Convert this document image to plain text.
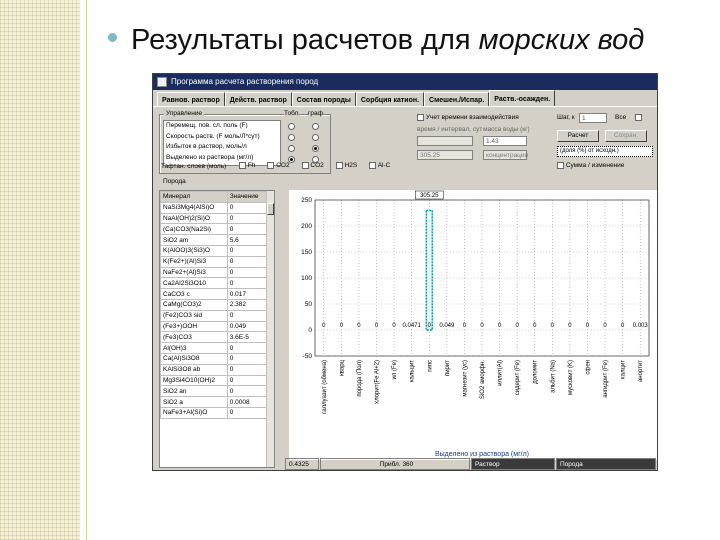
Результаты расчетов для морских вод
Программа расчета растворения пород
Равнов. раствор	Действ. раствор	Состав породы	Сорбция катион.	Смешен./Испар.	Раств.-осажден.
Управление	Тобл. граф
Перемещ. пов. сл. поль (F)
Скорость раств. (F моль/Л*сут)
Избыток в раствор, моль/л
Выделено из раствора (мг/л)
Тафтан. слоев (моль)	Fh	CO2	CO2	H2S	Al-C
Учет времени взаимодействия
время / интервал, сут масса воды (кг)
1.43
305.25	концентрация
Шаг, к	1	Все
Расчет	Сохран.
(доля (%) от исходн.)
Сумма / изменение
Порода
Минерал	Значение
NaSi3Mg4(AlSi)O	0
NaAl(OH)2(Si)O	0
(Ca)CO3(Na2Si)	0
SiO2 am	5.6
K(AlOO)3(Si3)O	0
K(Fe2+)(Al)Si3	0
NaFe2+(Al)Si3	0
Ca2Al2Si3O10	0
CaCO3 c	0.017
CaMg(CO3)2	2.382
(Fe2)CO3 sid	0
(Fe3+)OOH	0.049
(Fe3)CO3	3.6E-5
Al(OH)3	0
Ca(Al)Si3O8	0
KAlSi3O8 ab	0
Mg3Si4O10(OH)2	0
SiO2 an	0
SiO2 a	0.0008
NaFe3+Al(Si)O	0
250
200
150
100
50
0
-50
0
галлуазит (обмена)
0
кварц
0
порода (Пол)
0
хлорит(Fe Al+2)
0
ил (Fe)
0.0471
кальцит
0
гипс
0.049
пирит
0
магнезит (ус)
0
SiO2 аморфн.
0
иллит(Al)
0
сидерит (Fe)
0
доломит
0
альбит (Na)
0
мусковит (K)
0
сфен
0
ангидрит (Fe)
0
калцит
0.003
анортит
305.25
Выделено из раствора (мг/л)
0.4325	Прибл. 360	Раствор	Порода
